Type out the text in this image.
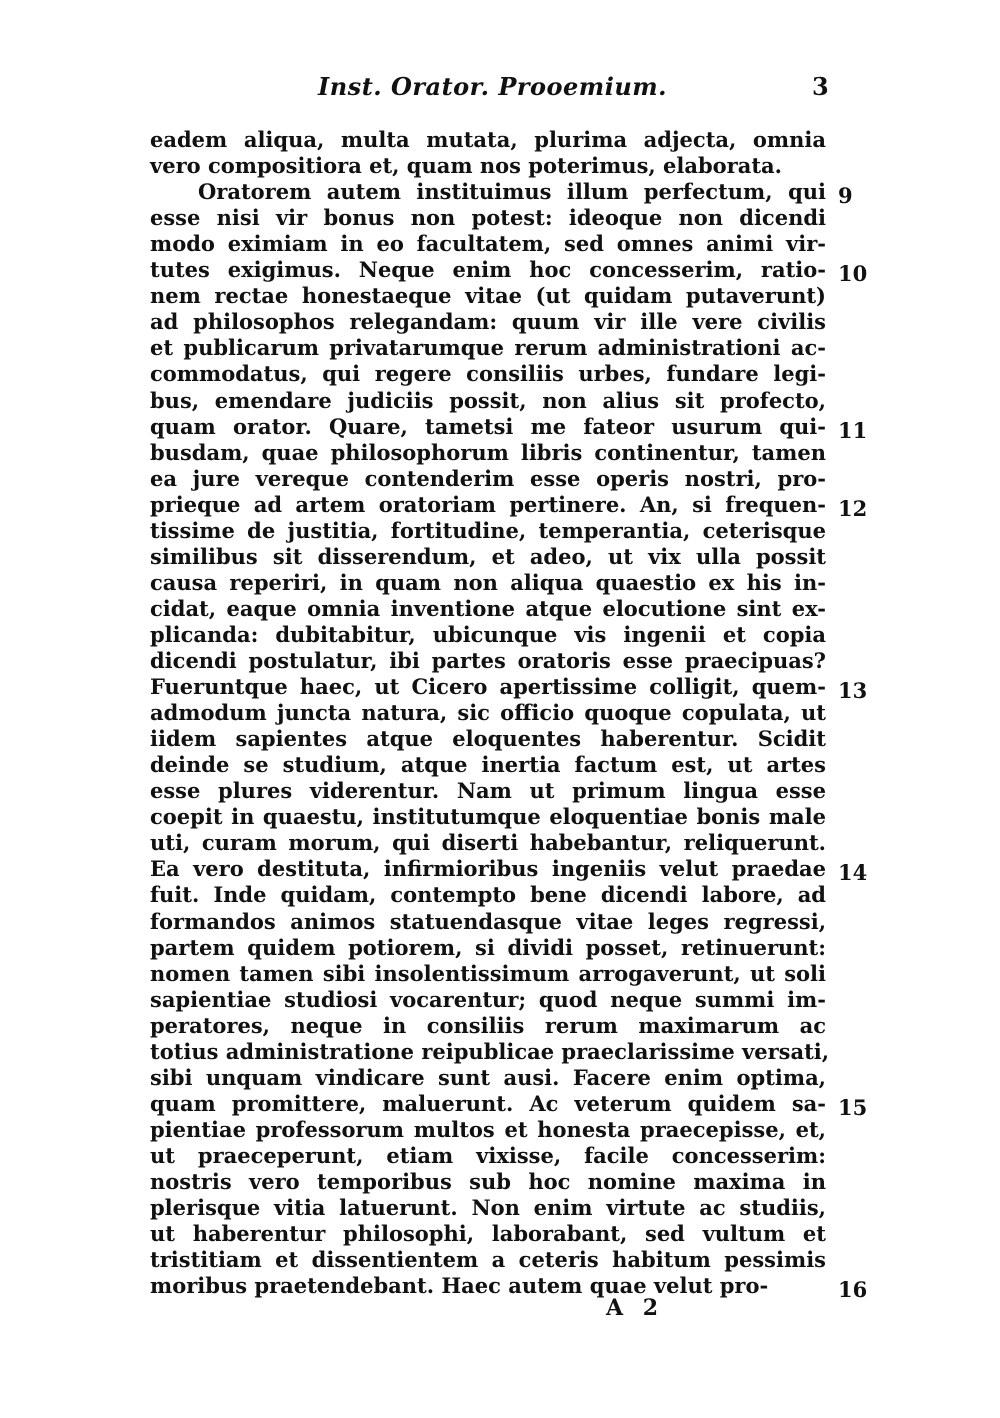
Inst. Orator. Prooemium.	3
eadem aliqua, multa mutata, plurima adjecta, omnia
vero compositiora et, quam nos poterimus, elaborata.
Oratorem autem instituimus illum perfectum, qui
esse nisi vir bonus non potest: ideoque non dicendi
modo eximiam in eo facultatem, sed omnes animi vir-
tutes exigimus. Neque enim hoc concesserim, ratio-
nem rectae honestaeque vitae (ut quidam putaverunt)
ad philosophos relegandam: quum vir ille vere civilis
et publicarum privatarumque rerum administrationi ac-
commodatus, qui regere consiliis urbes, fundare legi-
bus, emendare judiciis possit, non alius sit profecto,
quam orator. Quare, tametsi me fateor usurum qui-
busdam, quae philosophorum libris continentur, tamen
ea jure vereque contenderim esse operis nostri, pro-
prieque ad artem oratoriam pertinere. An, si frequen-
tissime de justitia, fortitudine, temperantia, ceterisque
similibus sit disserendum, et adeo, ut vix ulla possit
causa reperiri, in quam non aliqua quaestio ex his in-
cidat, eaque omnia inventione atque elocutione sint ex-
plicanda: dubitabitur, ubicunque vis ingenii et copia
dicendi postulatur, ibi partes oratoris esse praecipuas?
Fueruntque haec, ut Cicero apertissime colligit, quem-
admodum juncta natura, sic officio quoque copulata, ut
iidem sapientes atque eloquentes haberentur. Scidit
deinde se studium, atque inertia factum est, ut artes
esse plures viderentur. Nam ut primum lingua esse
coepit in quaestu, institutumque eloquentiae bonis male
uti, curam morum, qui diserti habebantur, reliquerunt.
Ea vero destituta, infirmioribus ingeniis velut praedae
fuit. Inde quidam, contempto bene dicendi labore, ad
formandos animos statuendasque vitae leges regressi,
partem quidem potiorem, si dividi posset, retinuerunt:
nomen tamen sibi insolentissimum arrogaverunt, ut soli
sapientiae studiosi vocarentur; quod neque summi im-
peratores, neque in consiliis rerum maximarum ac
totius administratione reipublicae praeclarissime versati,
sibi unquam vindicare sunt ausi. Facere enim optima,
quam promittere, maluerunt. Ac veterum quidem sa-
pientiae professorum multos et honesta praecepisse, et,
ut praeceperunt, etiam vixisse, facile concesserim:
nostris vero temporibus sub hoc nomine maxima in
plerisque vitia latuerunt. Non enim virtute ac studiis,
ut haberentur philosophi, laborabant, sed vultum et
tristitiam et dissentientem a ceteris habitum pessimis
moribus praetendebant. Haec autem quae velut pro-
9
10
11
12
13
14
15
16
A 2
